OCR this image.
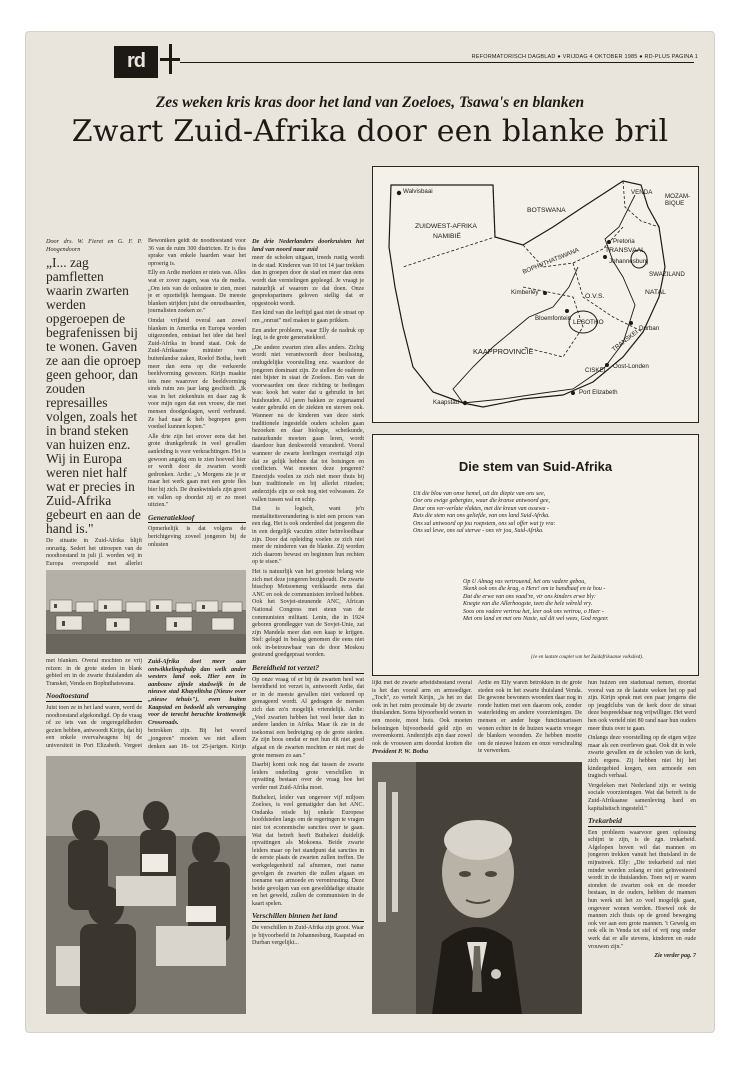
rd	REFORMATORISCH DAGBLAD ● VRIJDAG 4 OKTOBER 1985 ● RD-PLUS PAGINA 1
Zes weken kris kras door het land van Zoeloes, Tsawa's en blanken
Zwart Zuid-Afrika door een blanke bril

Door drs. W. Fieret en G. F. P. Hoogendoorn

„I... zag pamfletten waarin zwarten werden opgeroepen de begrafenissen bij te wonen. Gaven ze aan die oproep geen gehoor, dan zouden represailles volgen, zoals het in brand steken van huizen enz. Wij in Europa weren niet half wat er precies in Zuid-Afrika gebeurt en aan de hand is."

De situatie in Zuid-Afrika blijft onrustig. Sedert het uitroepen van de noodtoestand in juli jl. worden wij in Europa overspoeld met allerlei

Bewoniken geldt de noodtoestand voor 36 van de ruim 300 districten. Er is dus sprake van enkele haarden waar het oproerig is.

Elly en Ardie merkten er niets van. Alles wat er zover zagen, was via de media. „Om iets van de onlusten te zien, moet je er opzettelijk heengaan. De meeste blanken strijden juist die onrustbaarden, journalisten zoeken ze."

Omdat vrijheid overal aan zowel blanken in Amerika en Europa worden uitgezonden, ontstaat het idee dat heel Zuid-Afrika in brand staat. Ook de Zuid-Afrikaanse minister van buitenlandse zaken, Roelof Botha, heeft meer dan eens op die verkeerde beeldvorming gewezen. Kirijn maakte iets mee waarover de beeldvorming sinds ruim zes jaar lang geschiedt. „Ik was in het ziekenhuis en daar zag ik voor mijn ogen dat een vrouw, die met mensen doodgeslagen, werd verbrand. Ze had naar ik heb begrepen geen voedsel kunnen kopen."

Alle drie zijn het erover eens dat het grote drankgebruik in veel gevallen aanleiding is voor verkrachtingen. Het is gewoon angstig om te zien hoeveel hier er wordt door de zwarten wordt gedronken. Ardie: „'s Morgens zie je er maar het werk gaan met een grote fles bier bij zich. De drankwinkels zijn groot en vallen op doordat zij er zo moei uitzien."

Generatiekloof

Opmerkelijk is dat volgens de berichtgeving zoveel jongeren bij de onlusten

De drie Nederlanders doorkruisten het land van noord naar zuid

meer de scholen uitgaan, treeds rustig wordt in de stad. Kinderen van 10 tot 14 jaar trekken dan in groepen door de stad en meer dan eens wordt dan vernielingen gepleegd. Je vraagt je natuurlijk af waarom ze dat doen. Onze gesprekspartners geloven stellig dat er opgestookt wordt.

Een kind van die leeftijd gaat niet de straat op om „onrust" mel maken te gaan prikken.

Een ander probleem, waar Elly de nadruk op legt, is de grote generatiekloof.

„De andere zwarten zien alles anders. Zichtg wordt niet verantwoordt door beslissing, ondugdelijke voorstelling enz. waardoor de jongeren dominant zijn. Ze stellen de ouderen niet bijster in staat de Zoeloes. Een van de voorwaarden om deze richting te bedingen was: kook het water dat u gebruikt in het huishouden. Al jaren bakken ze zogenaamd water gebruikt en de ziekten en sterven ook. Wanneer nu de kinderen van deze sterk traditionele ingestelde ouders scholen gaan bezoeken en daar biologie, scheikunde, natuurkunde moeten gaan leren, wordt daardoor hun denkwereld veranderd. Vooral wanneer de zwarte leerlingen overtuigd zijn dat ze gelijk hebben dat tot botsingen en conflicten. Wat moeten deze jongeren? Enerzijds voelen ze zich niet meer thuis bij hun traditionele en bij allerlei rituelen; anderzijds zijn ze ook nog niet volwassen. Ze vallen tussen wal en schip.

Dat is logisch, want je'n mentaliteitsverandering is niet een proces van een dag. Het is ook onderdeel dat jongeren die in een dergelijk vacuüm zitter beïnvloedbaar zijn. Door dat opleiding voelen ze zich niet meer de minderen van de blanke. Zij worden zich daarom bewust en beginnen hun rechten op te eisen."

Het is natuurlijk van het grootste belang wie zich met deze jongeren bezighoudt. De zwarte bisschop Motsoeneng verklaarde eens dat ANC en ook de communisten invloed hebben. Ook het Sovjet-steunende ANC, African National Congress met steun van de communisten militant. Lenin, die in 1924 geboren grondlegger van de Sovjet-Unie, zat zijn Mandela meer dan een kaap te krijgen. Stel: gelegd in beslag genomen die eens niet ook in-betrouwbaar van de door Moskou gesteund goedgepraat worden.

Bereidheid tot verzet?

Op onze vraag of er bij de zwarten heel wat bereidheid tot verzet is, antwoordt Ardie, dat er in de meeste gevallen niet verkeerd op gereageerd wordt. Al gedragen de mensen zich dan zo'n mogelijk vriendelijk. Ardie: „Veel zwarten hebben het veel beter dan in andere landen in Afrika. Maar ik zie in de toekomst een bedreiging op de grote steden. Ze zijn boos omdat er met hun dit niet goed afgaat en de zwarten mochten er niet met de grote mensen zo aan."

Daarbij komt ook nog dat tussen de zwarte leiders onderling grote verschillen in opvatting bestaan over de vraag hoe het verder met Zuid-Afrika moet.

Buthelezi, leider van ongeveer vijf miljoen Zoeloes, is veel gematigder dan het ANC. Ondanks reisde hij enkele Europese hoofdsteden langs om de regeringen te vragen niet tot economische sancties over te gaan. Wat dat betreft heeft Buthelezi duidelijk opvattingen als Mokoena. Beide zwarte leiders maar op het standpunt dat sancties in de eerste plaats de zwarten zullen treffen. De werkgelegenheid zal afnemen, met name gevolgen de zwarten die zullen afgaan en toename van armoede en verontrusting. Deze beide gevolgen van een gewelddadige situatie en het geweld, zullen de communisten in de kaart spelen.

Verschillen binnen het land

De verschillen in Zuid-Afrika zijn groot. Waar je bijvoorbeeld in Johannesburg, Kaapstad en Durban vergelijkt...

met blanken. Overal mochten ze vrij reizen: in de grote steden in blank gebied en in de zwarte thuislanden als Transkei, Venda en Bophuthatswana.

Noodtoestand

Juist toen ze in het land waren, werd de noodtoestand afgekondigd. Op de vraag of ze iets van de ongeregeldheden gezien hebben, antwoordt Kirijn, dat hij een enkele overvalwagens bij de universiteit in Port Elizabeth. Vergeet

Zuid-Afrika doet meer aan ontwikkelingshulp dan welk ander westers land ook. Hier een in aanbouw zijnde stadswijk in de nieuwe stad Khayelitsha (Nieuw over „nieuw tehuis"), even buiten Kaapstad en bedoeld als vervanging voor de terecht beruchte krottenwijk Crossroads.

betrokken zijn. Bij het woord „jongeren" moeten we niet alleen denken aan 18- tot 25-jarigen. Kirijn

Walvisbaai
ZUIDWEST-AFRIKA
NAMIBIË
BOTSWANA
VENDA
MOZAM-
BIQUE
BOPHUTHATSWANA
Pretoria
TRANSVAAL
Johannesburg
SWAZILAND
NATAL
Kimberley
O.V.S.
Bloemfontein
LESOTHO
Durban
KAAPPROVINCIE	TRANSKEI
CISKEI
Oost-Londen
Kaapstad
Port Elizabeth
Die stem van Suid-Afrika
Uit die blou van onse hemel, uit die diepte van ons see,
Oor ons ewige gebergtes, waar die kranse antwoord gee,
Deur ons ver-verlate vlaktes, met die kreun van ossewa -
Ruis die stem van ons geliefde, van ons land Suid-Afrika.
Ons sal antwoord op jou roepstem, ons sal offer wat jy vra:
Ons sal lewe, ons sal sterwe - ons vir jou, Suid-Afrika.
Op U Almag vas vertrouend, het ons vadere gebou,
Skenk ook ons die krag, o Here! om te handhaaf en te hou -
Dat die erwe van ons vaad're, vir ons kinders erwe bly:
Knegte van die Allerhoogste, teen die hele wêreld vry.
Soos ons vadere vertrou het, leer ook ons vertrou, o Heer -
Met ons land en met ons Nasie, sal dit wel wees, God regeer.
(1e en laatste couplet van het Zuidafrikaanse volkslied).

lijkt met de zwarte arbeidsbestand overal is het dan vooral arm en armoediger. „Toch", zo vertelt Kirijn, „is het zo dat ook in het ruim proximale bij de zwarte thuislanden. Soms bijvoorbeeld wonen in een mooie, mooi huis. Ook moeten beloningen bijvoorbeeld geld zijn en overeenkomt. Anderzijds zijn daar zowel ook de vrouwen arm doordat krotten die

President P. W. Botha

Ardie en Elly waren betrokken in de grote steden ook in het zwarte thuisland Venda. De gewone bewoners woonden daar nog in ronde hutten met een daarom ook, zonder waterleiding en andere voorzieningen. De mensen er ander hoge functionarissen wonen echter in de huizen waarin vroeger de blanken woonden. Ze hebben moeite om de nieuwe huizen en onze verschraling te verwerken.

hun huizen een stadsmaal nemen, doordat vooral van ze de laatste weken het op pad zijn. Kirijn sprak met een paar jongens die op jeugdclubs van de kerk door de straat deze bespreekbaar nog vrijwilliger. Het werd hen ook verteld niet 80 rand naar hun ouders meer thuis over te gaan.

Onlangs deze voorstelling op de eigen wijze maar als een overleven gaat. Ook dit in vele zwarte gevallen en de scholen van de kerk, zich ergens. Zij hebben niet bij het kindergebied kregen, een armoede een tragisch verhaal.

Vergeleken met Nederland zijn er weinig sociale voorzieningen. Wat dat betreft is de Zuid-Afrikaanse samenleving hard en kapitalistisch ingesteld."

Trekarbeid

Een probleem waarvoor geen oplossing schijnt te zijn, is de zgn. trekarbeid. Afgelopen boven wil dat mannen en jongeren trekken vanuit het thuisland in de mijnstreek. Elly: „Die trekarbeid zal niet minder worden zolang er niet geïnvesteerd wordt in de thuislanden. Toen wij er waren stonden de zwarten ook en de moeder bestaan, in de ouders, hebben de mannen hun werk uit het zo veel mogelijk gaan, ongeveer wonen werden. Hoewel ook de mannen zich thuis op de grond beweging ook ver aan een grote mannen. 't Gewelg en ook elk in Venda tot stel of vrij nog onder werk dat er alle stevens, kinderen en oude vrouwen zijn."

Zie verder pag. 7
